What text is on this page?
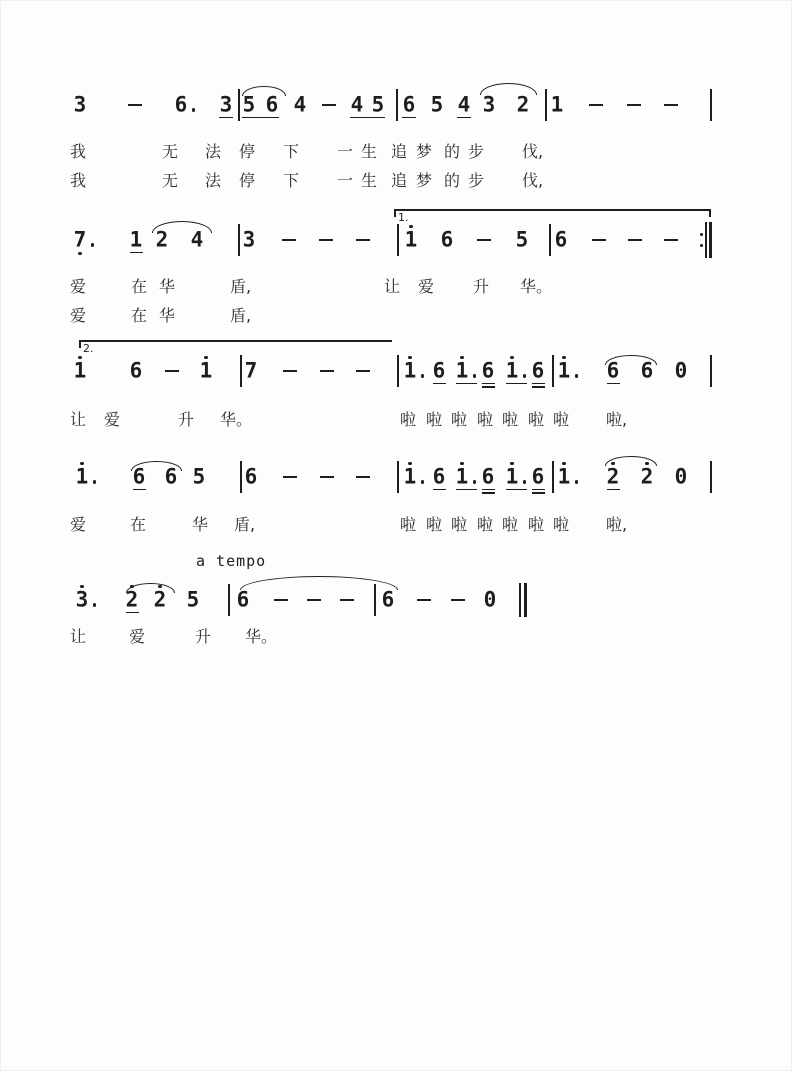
a tempo
3	6 3 5 6 4 4 5 6 5 4 3 2 1
7 1 2 4 3	1 6	5 6
1 6	1 7	1 6 1 6 1 6 1 6 6 0
1 6 6 5 6	1 6 1 6 1 6 1 2 2 0
3 2 2 5 6	6	0
1.
2.
我	无 法 停 下 一 生 追 梦 的 步 伐,
我	无 法 停 下 一 生 追 梦 的 步 伐,
爱	在 华	盾,	让 爱 升 华。
爱	在 华	盾,
让 爱	升 华。	啦 啦 啦 啦 啦 啦 啦 啦,
爱	在	华 盾,	啦 啦 啦 啦 啦 啦 啦 啦,
让	爱	升 华。
